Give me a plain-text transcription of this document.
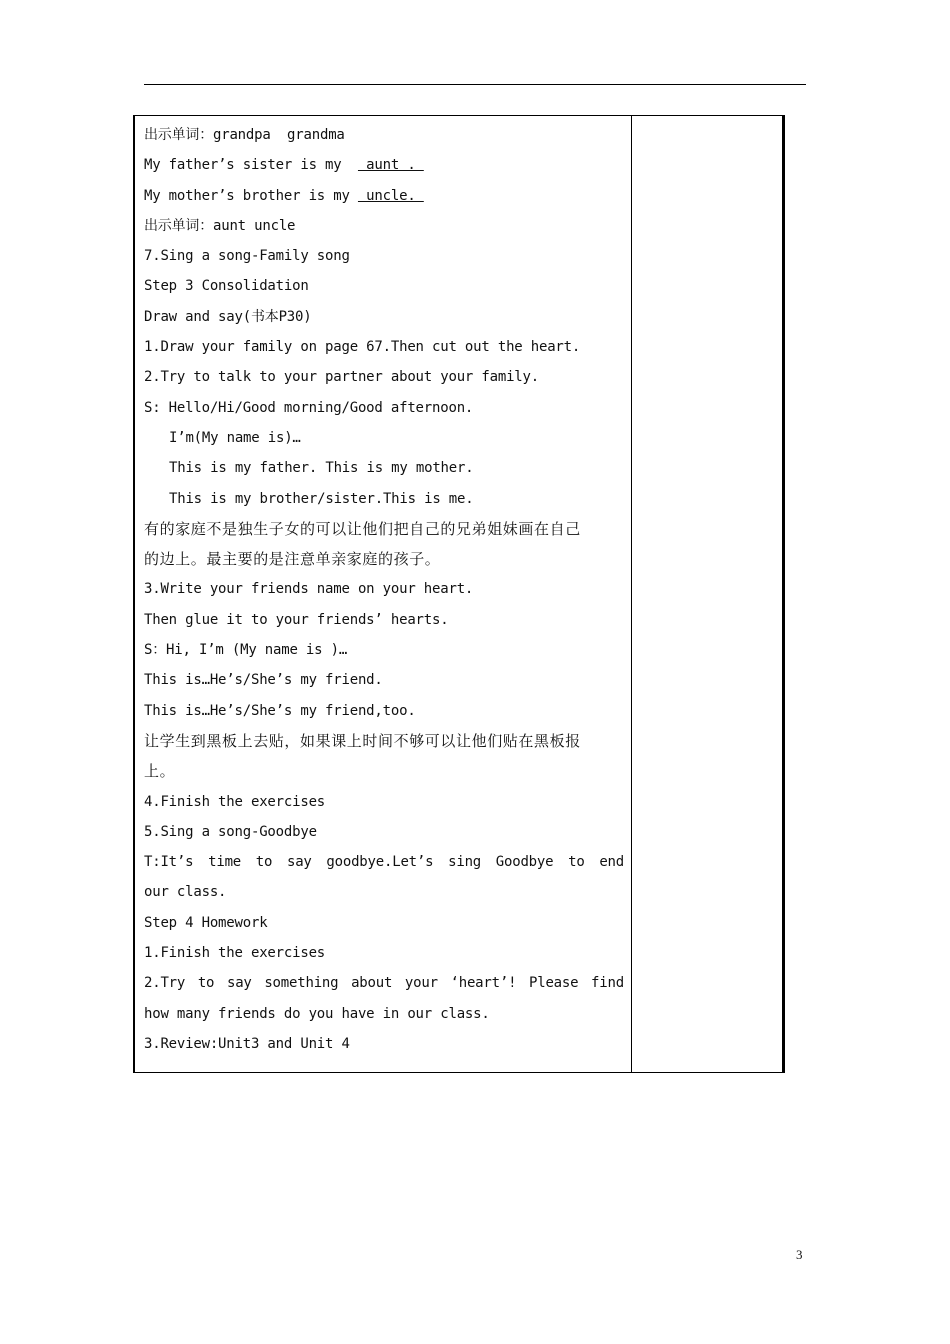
出示单词：grandpa  grandma
My father’s sister is my   aunt .
My mother’s brother is my  uncle.
出示单词：aunt uncle
7.Sing a song-Family song
Step 3 Consolidation
Draw and say(书本P30)
1.Draw your family on page 67.Then cut out the heart.
2.Try to talk to your partner about your family.
S: Hello/Hi/Good morning/Good afternoon.
I’m(My name is)…
This is my father. This is my mother.
This is my brother/sister.This is me.
有的家庭不是独生子女的可以让他们把自己的兄弟姐妹画在自己
的边上。最主要的是注意单亲家庭的孩子。
3.Write your friends name on your heart.
Then glue it to your friends’ hearts.
S：Hi, I’m (My name is )…
This is…He’s/She’s my friend.
This is…He’s/She’s my friend,too.
让学生到黑板上去贴，如果课上时间不够可以让他们贴在黑板报
上。
4.Finish the exercises
5.Sing a song-Goodbye
T:It’s time to say goodbye.Let’s sing Goodbye to end
our class.
Step 4 Homework
1.Finish the exercises
2.Try to say something about your ‘heart’! Please find
how many friends do you have in our class.
3.Review:Unit3 and Unit 4
3
